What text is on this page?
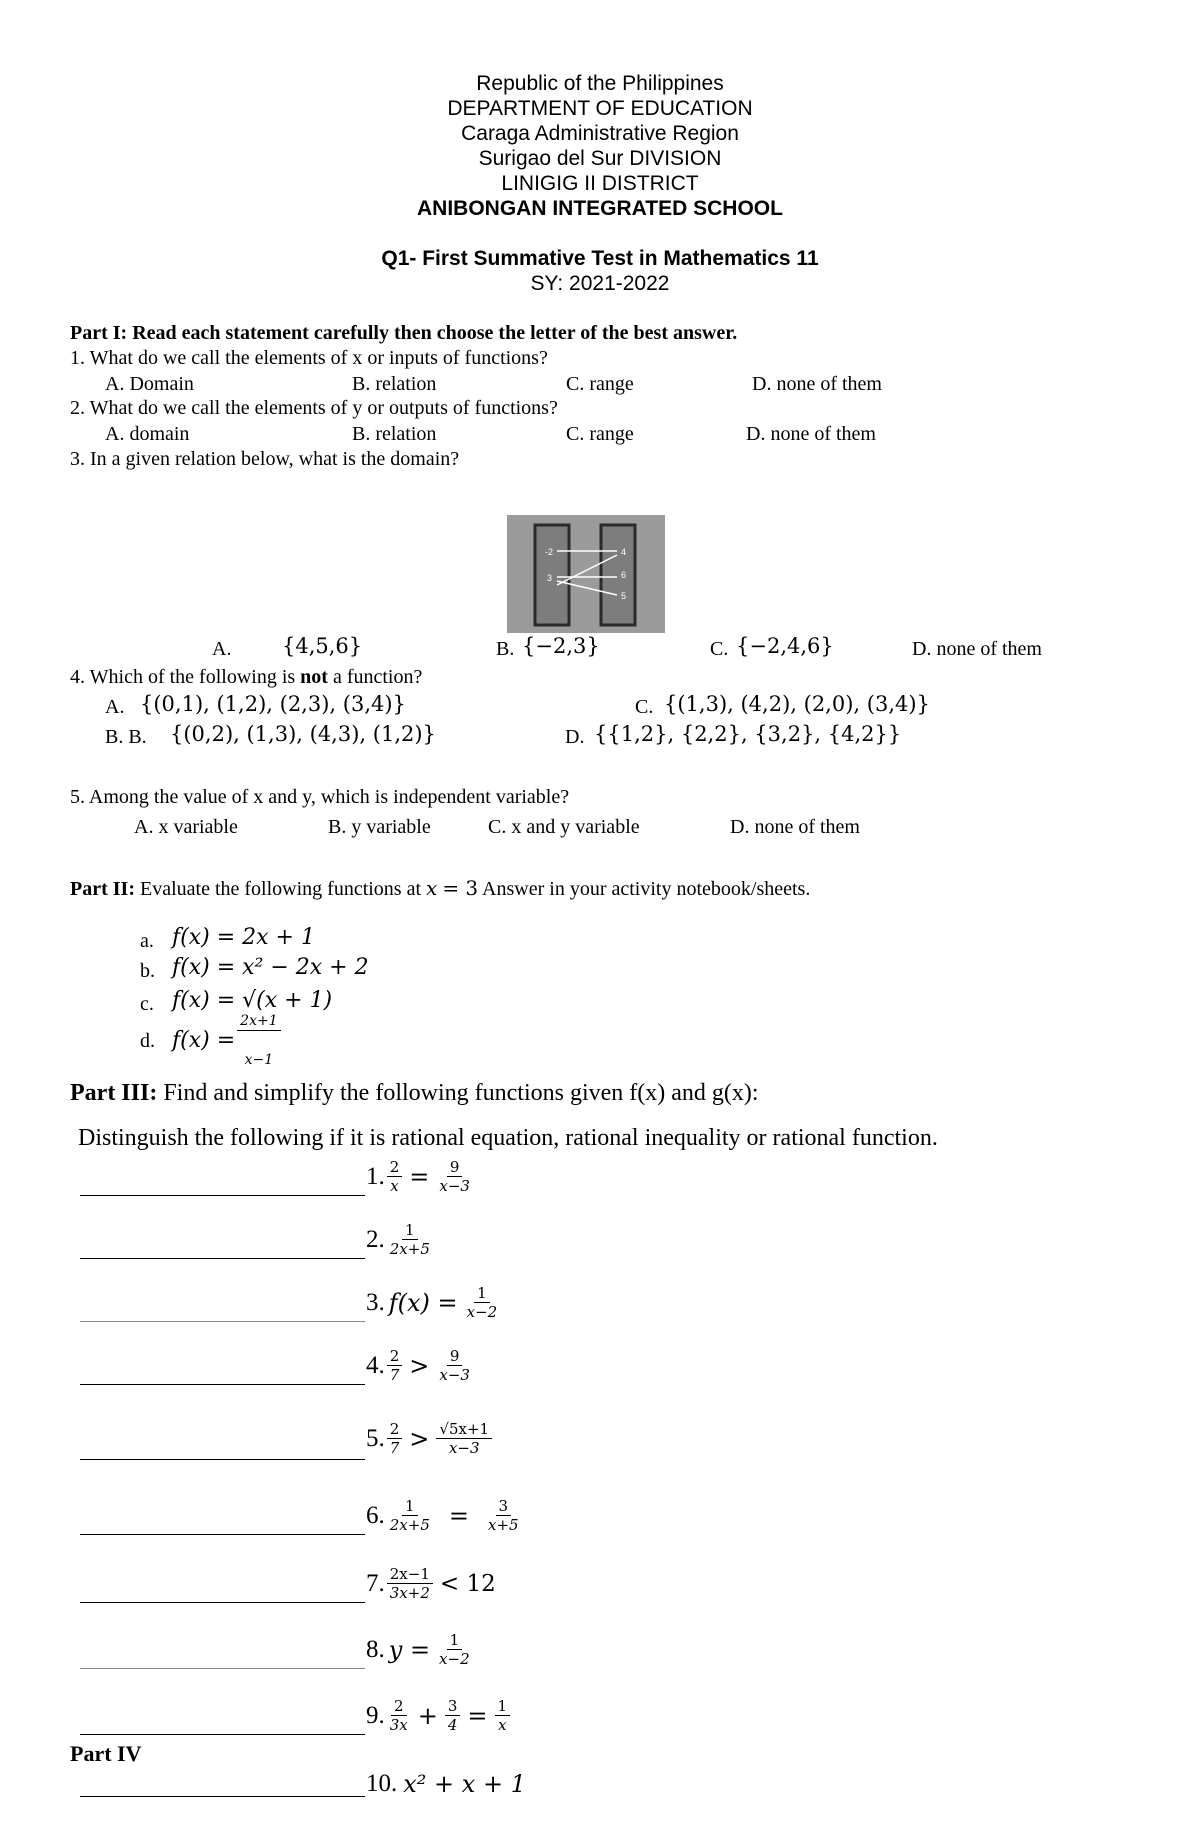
Republic of the Philippines
DEPARTMENT OF EDUCATION
Caraga Administrative Region
Surigao del Sur DIVISION
LINIGIG II DISTRICT
ANIBONGAN INTEGRATED SCHOOL
Q1- First Summative Test in Mathematics 11
SY: 2021-2022
Part I: Read each statement carefully then choose the letter of the best answer.
1. What do we call the elements of x or inputs of functions?
A. Domain	B. relation	C. range	D. none of them
2. What do we call the elements of y or outputs of functions?
A. domain	B. relation	C. range	D. none of them
3. In a given relation below, what is the domain?
-2
3
4
6
5
A. {4,5,6}	B. {−2,3}	C. {−2,4,6}	D. none of them
4. Which of the following is not a function?
A. {(0,1), (1,2), (2,3), (3,4)}
B. B. {(0,2), (1,3), (4,3), (1,2)}
C. {(1,3), (4,2), (2,0), (3,4)}
D. {{1,2}, {2,2}, {3,2}, {4,2}}
5. Among the value of x and y, which is independent variable?
A. x variable	B. y variable	C. x and y variable	D. none of them
Part II: Evaluate the following functions at 𝑥 = 3 Answer in your activity notebook/sheets.
a. 𝑓(𝑥) = 2𝑥 + 1
b. 𝑓(𝑥) = 𝑥² − 2𝑥 + 2
c. 𝑓(𝑥) = √(𝑥 + 1)
d. 𝑓(𝑥) = $\frac{2x+1}{\text{𝑥−1}}$
Part III: Find and simplify the following functions given f(x) and g(x):
Distinguish the following if it is rational equation, rational inequality or rational function.
1. $\frac{2}{x} = \frac{9}{x-3}$
2. $\frac{1}{2x+5}$
3. $f(x) = \frac{1}{x-2}$
4. $\frac{2}{7} > \frac{9}{x-3}$
5. $\frac{2}{7} > \frac{√5x+1}{x-3}$
6. $\frac{1}{2x+5} = \frac{3}{x+5}$
7. $\frac{2x-1}{3x+2} < 12$
8. $y = \frac{1}{x-2}$
9. $\frac{2}{3x} + \frac{3}{4} = \frac{1}{x}$
Part IV
10. x² + x + 1
